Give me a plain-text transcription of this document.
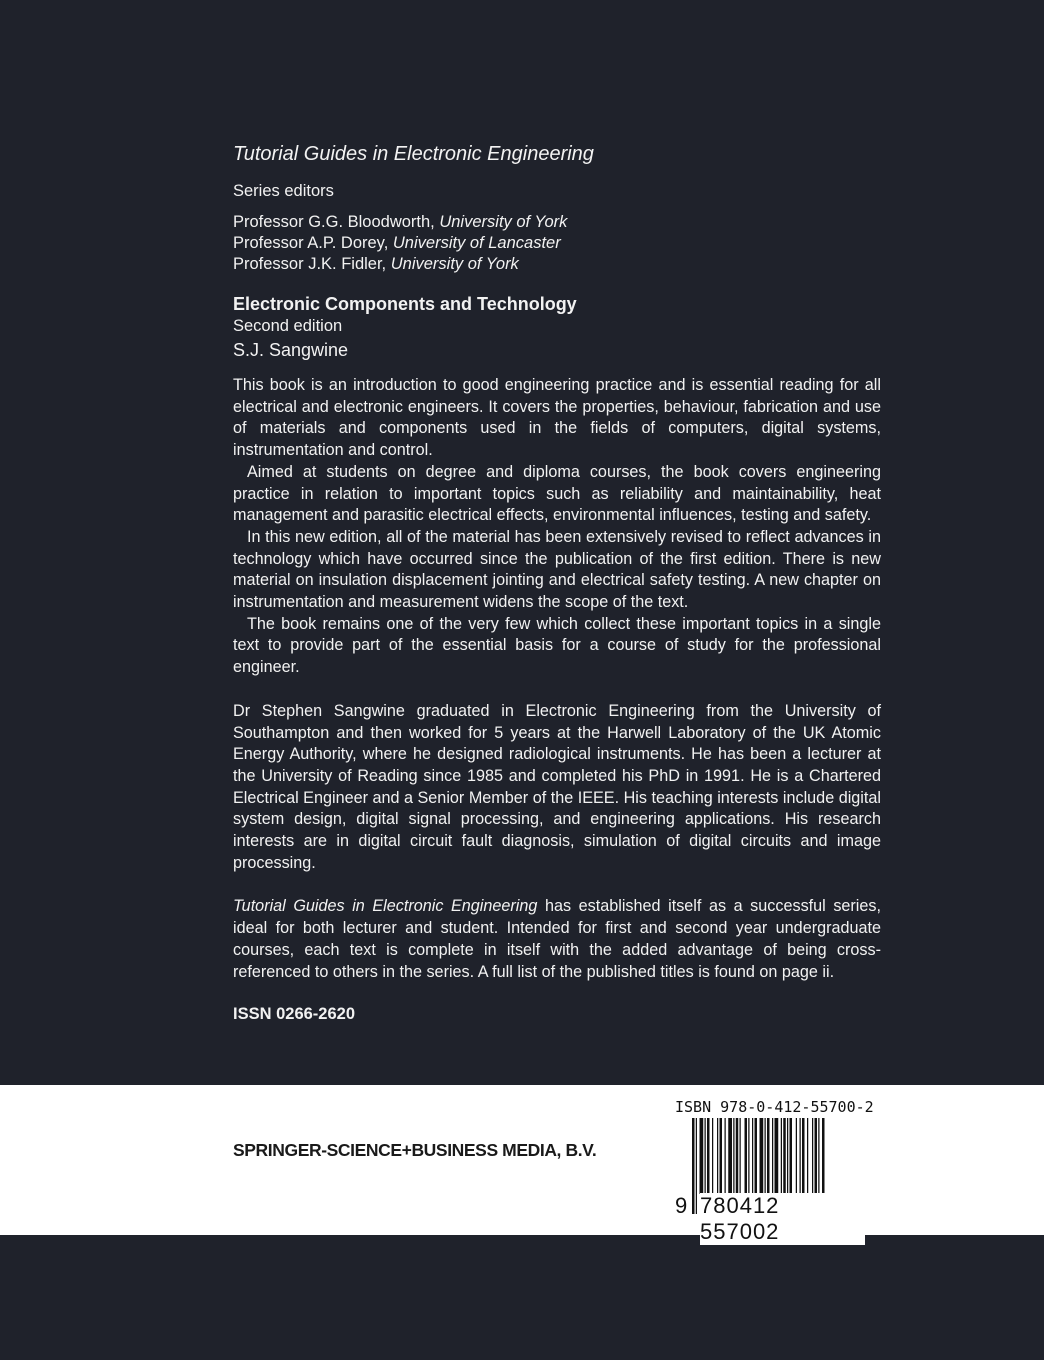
Tutorial Guides in Electronic Engineering
Series editors
Professor G.G. Bloodworth, University of York
Professor A.P. Dorey, University of Lancaster
Professor J.K. Fidler, University of York
Electronic Components and Technology
Second edition
S.J. Sangwine

This book is an introduction to good engineering practice and is essential reading for all electrical and electronic engineers. It covers the properties, behaviour, fabrication and use of materials and components used in the fields of computers, digital systems, instrumentation and control.

Aimed at students on degree and diploma courses, the book covers engineering practice in relation to important topics such as reliability and maintainability, heat management and parasitic electrical effects, environmental influences, testing and safety.

In this new edition, all of the material has been extensively revised to reflect advances in technology which have occurred since the publication of the first edition. There is new material on insulation displacement jointing and electrical safety testing. A new chapter on instrumentation and measurement widens the scope of the text.

The book remains one of the very few which collect these important topics in a single text to provide part of the essential basis for a course of study for the professional engineer.

Dr Stephen Sangwine graduated in Electronic Engineering from the University of Southampton and then worked for 5 years at the Harwell Laboratory of the UK Atomic Energy Authority, where he designed radiological instruments. He has been a lecturer at the University of Reading since 1985 and completed his PhD in 1991. He is a Chartered Electrical Engineer and a Senior Member of the IEEE. His teaching interests include digital system design, digital signal processing, and engineering applications. His research interests are in digital circuit fault diagnosis, simulation of digital circuits and image processing.

Tutorial Guides in Electronic Engineering has established itself as a successful series, ideal for both lecturer and student. Intended for first and second year undergraduate courses, each text is complete in itself with the added advantage of being cross-referenced to others in the series. A full list of the published titles is found on page ii.

ISSN 0266-2620
SPRINGER-SCIENCE+BUSINESS MEDIA, B.V.
ISBN 978-0-412-55700-2
9 780412 557002
